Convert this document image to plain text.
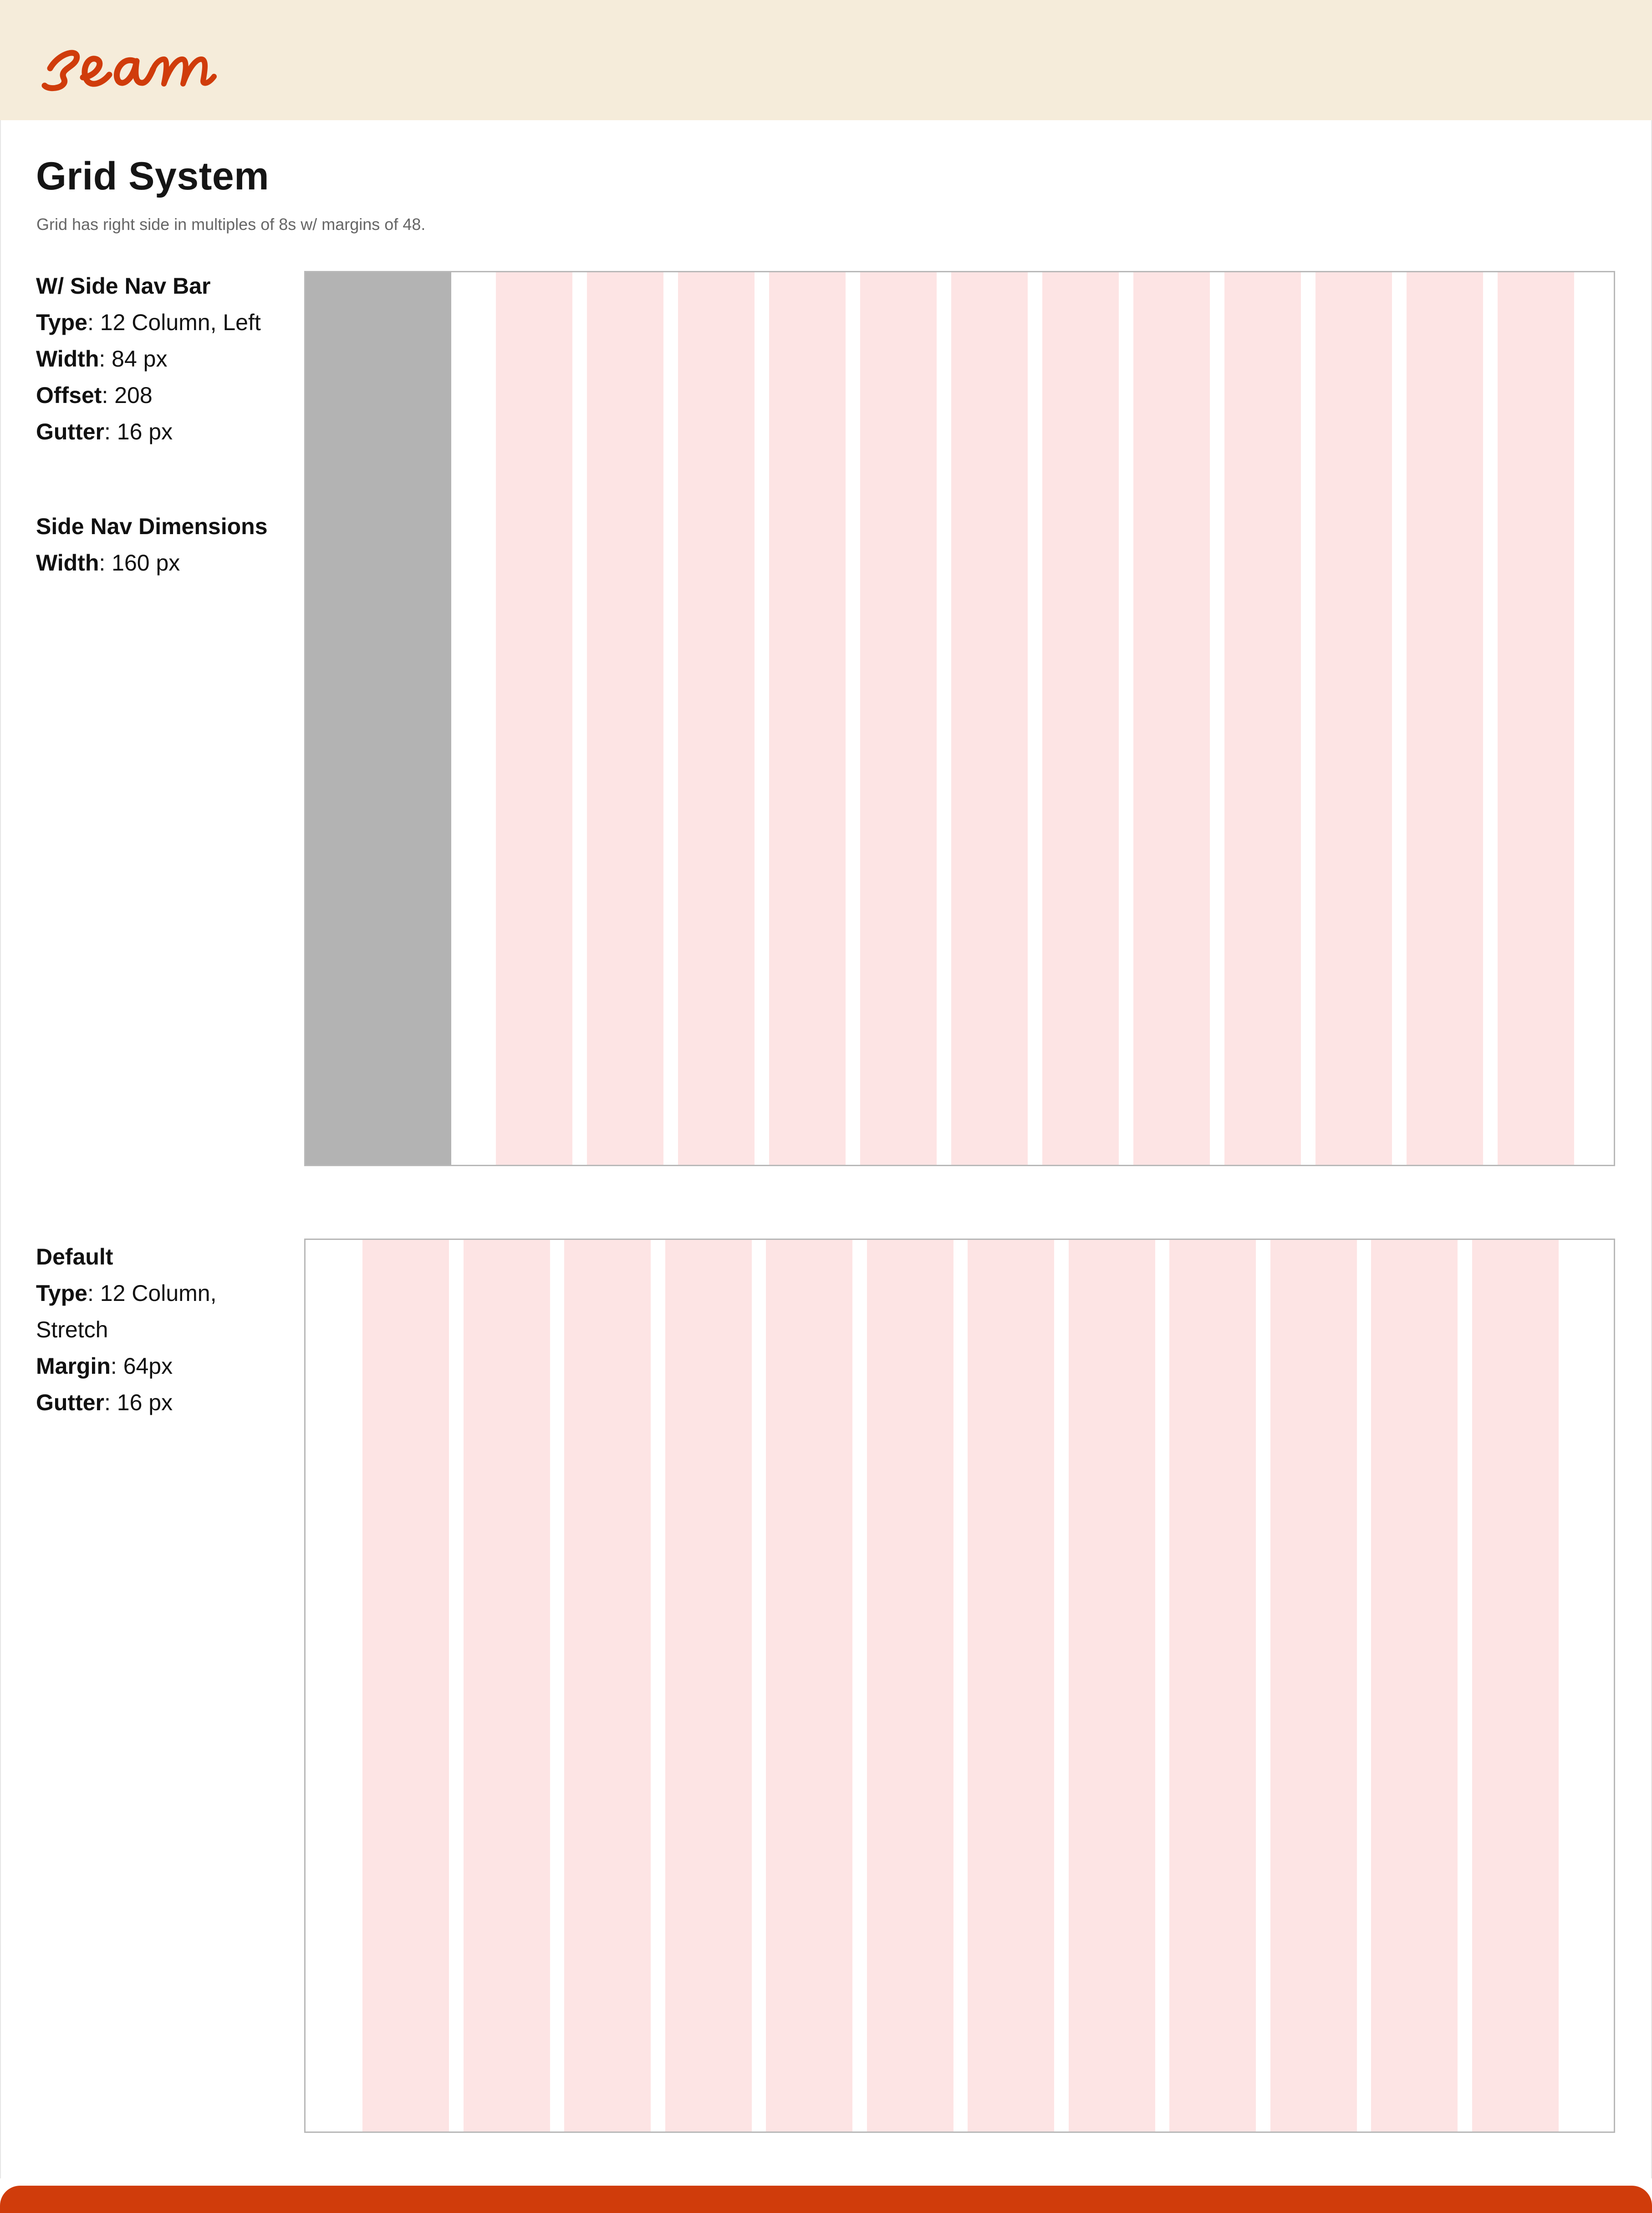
Grid System
Grid has right side in multiples of 8s w/ margins of 48.
W/ Side Nav Bar
Type: 12 Column, Left
Width: 84 px
Offset: 208
Gutter: 16 px
Side Nav Dimensions
Width: 160 px
Default
Type: 12 Column, Stretch
Margin: 64px
Gutter: 16 px
